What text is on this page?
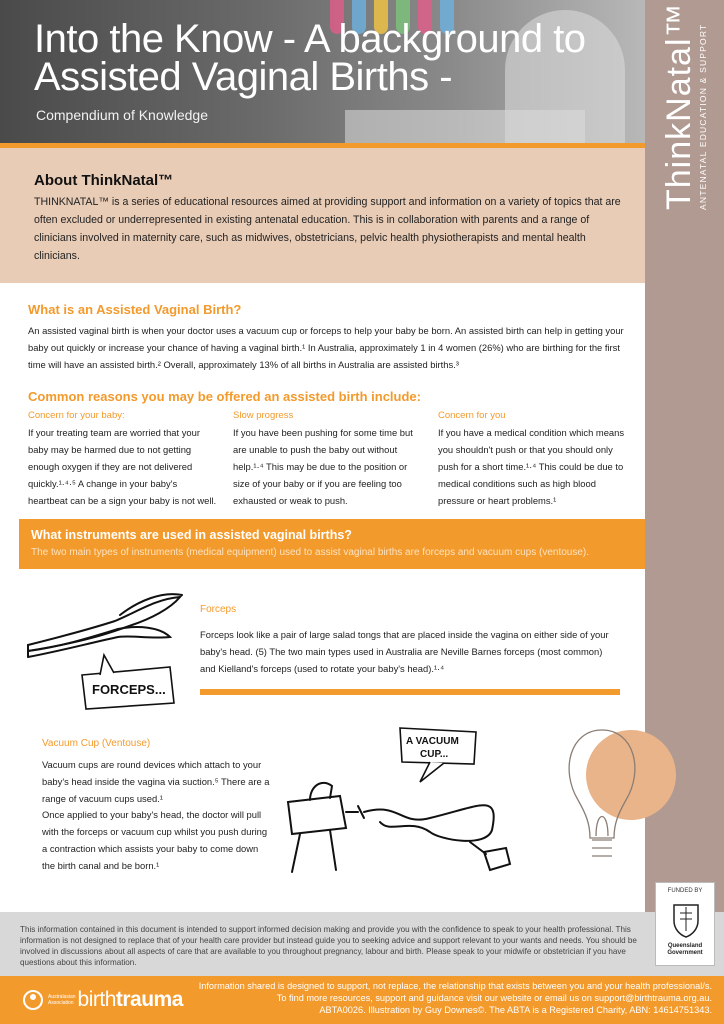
Into the Know - A background to Assisted Vaginal Births -
Compendium of Knowledge	ThinkNatal™ ANTENATAL EDUCATION & SUPPORT
About ThinkNatal™

THINKNATAL™ is a series of educational resources aimed at providing support and information on a variety of topics that are often excluded or underrepresented in existing antenatal education. This is in collaboration with parents and a range of clinicians involved in maternity care, such as midwives, obstetricians, pelvic health physiotherapists and mental health clinicians.

What is an Assisted Vaginal Birth?
An assisted vaginal birth is when your doctor uses a vacuum cup or forceps to help your baby be born. An assisted birth can help in getting your baby out quickly or increase your chance of having a vaginal birth.¹ In Australia, approximately 1 in 4 women (26%) who are birthing for the first time will have an assisted birth.² Overall, approximately 13% of all births in Australia are assisted births.³
Common reasons you may be offered an assisted birth include:
Concern for your baby:
If your treating team are worried that your baby may be harmed due to not getting enough oxygen if they are not delivered quickly.¹·⁴·⁵ A change in your baby's heartbeat can be a sign your baby is not well.
Slow progress
If you have been pushing for some time but are unable to push the baby out without help.¹·⁴ This may be due to the position or size of your baby or if you are feeling too exhausted or weak to push.
Concern for you
If you have a medical condition which means you shouldn't push or that you should only push for a short time.¹·⁴ This could be due to medical conditions such as high blood pressure or heart problems.¹
What instruments are used in assisted vaginal births?
The two main types of instruments (medical equipment) used to assist vaginal births are forceps and vacuum cups (ventouse).
FORCEPS...
Forceps
Forceps look like a pair of large salad tongs that are placed inside the vagina on either side of your baby's head. (5) The two main types used in Australia are Neville Barnes forceps (most common) and Kielland's forceps (used to rotate your baby's head).¹·⁴
Vacuum Cup (Ventouse)
Vacuum cups are round devices which attach to your baby's head inside the vagina via suction.⁵ There are a range of vacuum cups used.¹
Once applied to your baby's head, the doctor will pull with the forceps or vacuum cup whilst you push during a contraction which assists your baby to come down the birth canal and be born.¹
A VACUUM
CUP...

This information contained in this document is intended to support informed decision making and provide you with the confidence to speak to your health professional. This information is not designed to replace that of your health care provider but instead guide you to seeking advice and support relevant to your wants and needs. You should be involved in discussions about all aspects of care that are available to you throughout pregnancy, labour and birth. Please speak to your midwife or obstetrician if you have questions about this information.

FUNDED BY
Queensland
Government
Australasian
Association birth trauma
Information shared is designed to support, not replace, the relationship that exists between you and your health professional/s.
To find more resources, support and guidance visit our website or email us on support@birthtrauma.org.au.
ABTA0026. Illustration by Guy Downes©. The ABTA is a Registered Charity, ABN: 14614751343.
